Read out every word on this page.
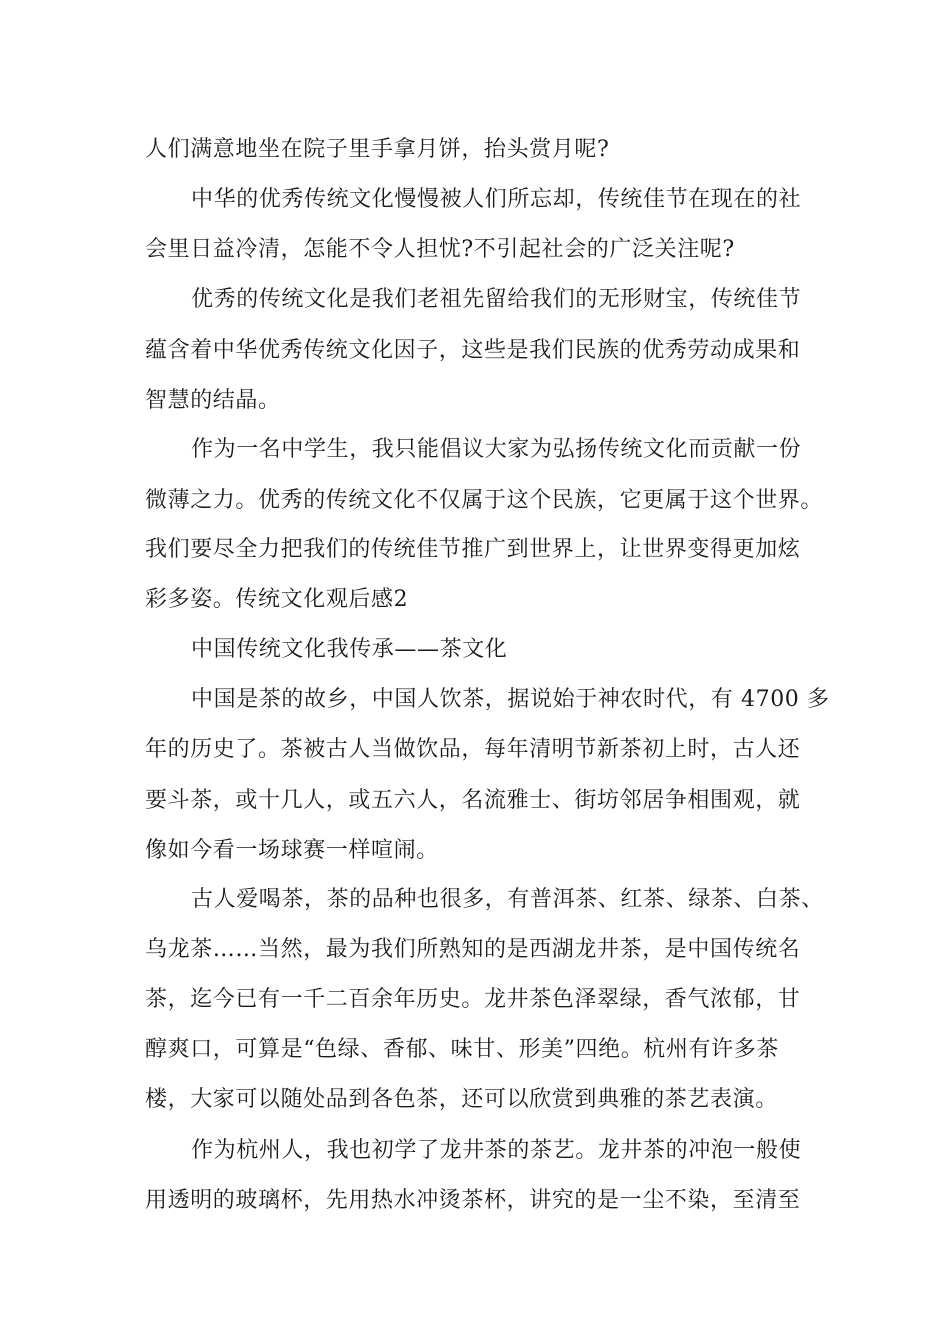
人们满意地坐在院子里手拿月饼，抬头赏月呢?
中华的优秀传统文化慢慢被人们所忘却，传统佳节在现在的社
会里日益冷清，怎能不令人担忧?不引起社会的广泛关注呢?
优秀的传统文化是我们老祖先留给我们的无形财宝，传统佳节
蕴含着中华优秀传统文化因子，这些是我们民族的优秀劳动成果和
智慧的结晶。
作为一名中学生，我只能倡议大家为弘扬传统文化而贡献一份
微薄之力。优秀的传统文化不仅属于这个民族，它更属于这个世界。
我们要尽全力把我们的传统佳节推广到世界上，让世界变得更加炫
彩多姿。传统文化观后感2
中国传统文化我传承——茶文化
中国是茶的故乡，中国人饮茶，据说始于神农时代，有 4700 多
年的历史了。茶被古人当做饮品，每年清明节新茶初上时，古人还
要斗茶，或十几人，或五六人，名流雅士、街坊邻居争相围观，就
像如今看一场球赛一样喧闹。
古人爱喝茶，茶的品种也很多，有普洱茶、红茶、绿茶、白茶、
乌龙茶……当然，最为我们所熟知的是西湖龙井茶，是中国传统名
茶，迄今已有一千二百余年历史。龙井茶色泽翠绿，香气浓郁，甘
醇爽口，可算是“色绿、香郁、味甘、形美”四绝。杭州有许多茶
楼，大家可以随处品到各色茶，还可以欣赏到典雅的茶艺表演。
作为杭州人，我也初学了龙井茶的茶艺。龙井茶的冲泡一般使
用透明的玻璃杯，先用热水冲烫茶杯，讲究的是一尘不染，至清至
